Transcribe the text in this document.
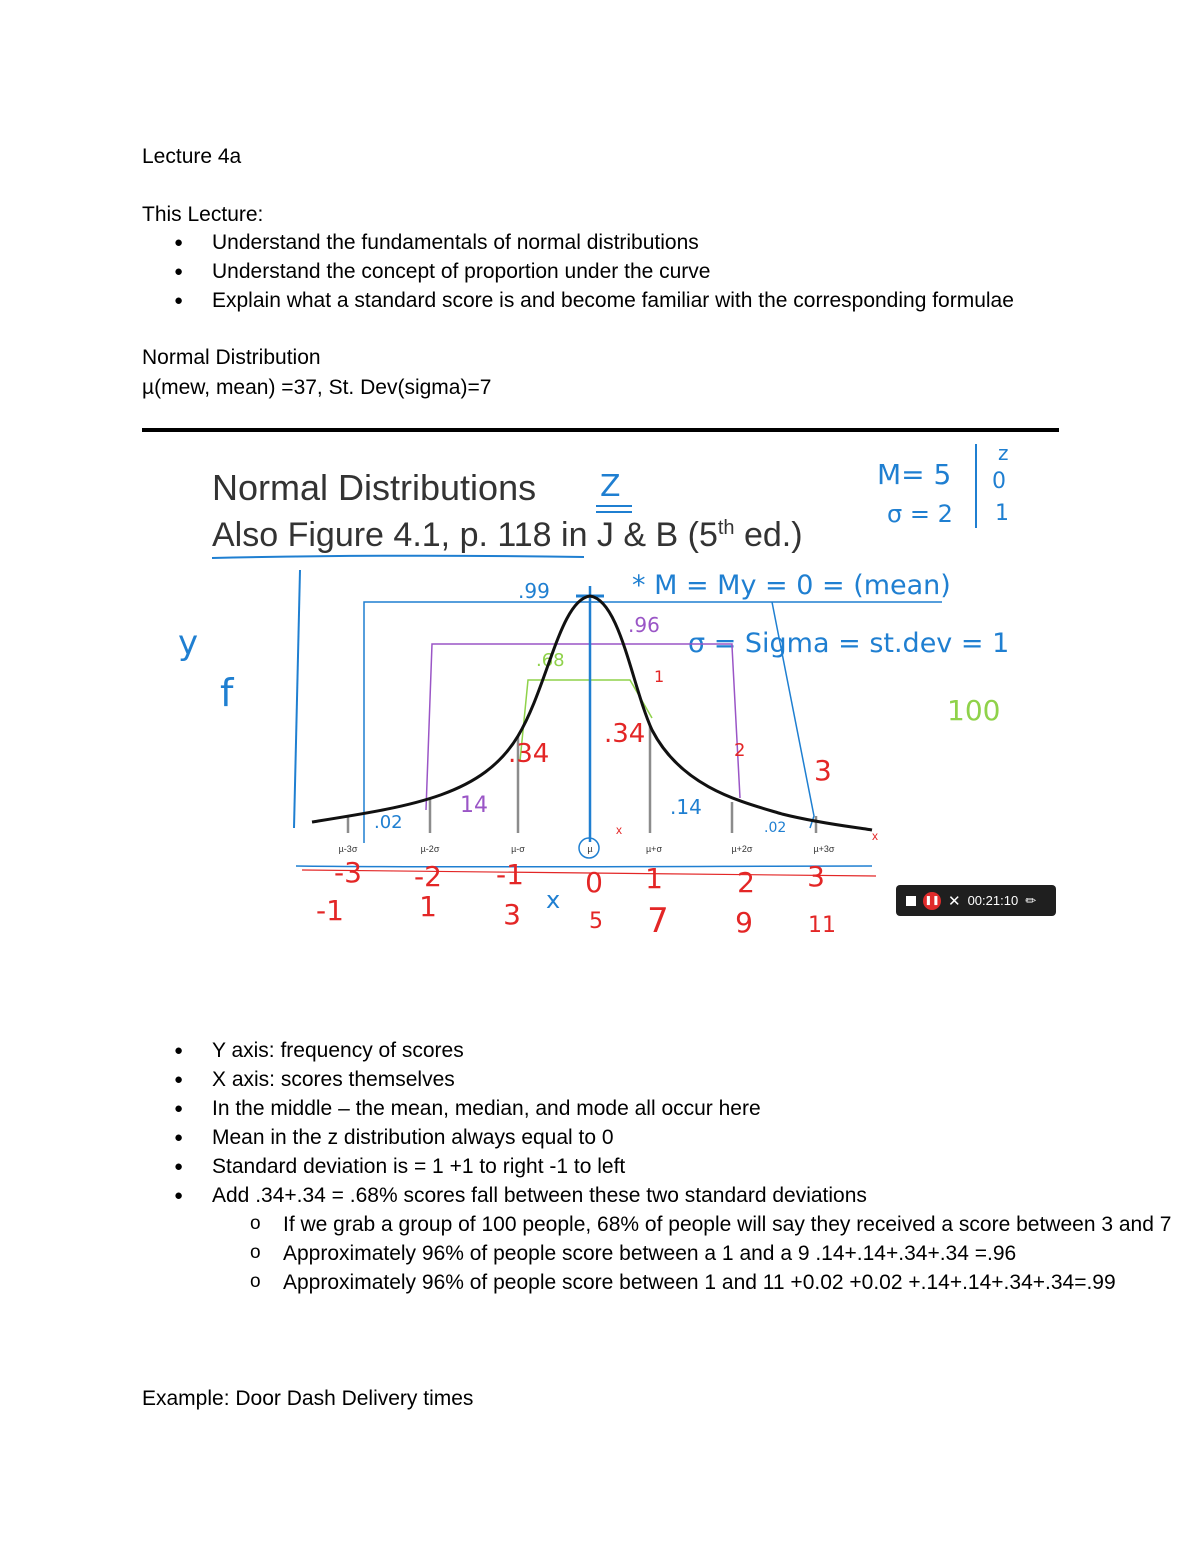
Lecture 4a
This Lecture:
● Understand the fundamentals of normal distributions
● Understand the concept of proportion under the curve
● Explain what a standard score is and become familiar with the corresponding formulae
Normal Distribution
µ(mew, mean) =37, St. Dev(sigma)=7
Normal Distributions
Also Figure 4.1, p. 118 in J & B (5th ed.)
Z	M= 5
σ = 2
z
0
1
* M = My = 0 = (mean)
σ = Sigma = st.dev = 1
100
y
f
.99
.96
.68
.34
.34
1
2
3
14	.14
.02	.02	x
x
µ-3σ	µ-2σ	µ-σ	µ	µ+σ	µ+2σ	µ+3σ
-3 -2 -1 0 1	2 3
-1	1 3	5 7 9	11
x	❚❚ ✕ 00:21:10 ✏
● Y axis: frequency of scores
● X axis: scores themselves
● In the middle – the mean, median, and mode all occur here
● Mean in the z distribution always equal to 0
● Standard deviation is = 1 +1 to right -1 to left
● Add .34+.34 = .68% scores fall between these two standard deviations
o If we grab a group of 100 people, 68% of people will say they received a score between 3 and 7
o Approximately 96% of people score between a 1 and a 9 .14+.14+.34+.34 =.96
o Approximately 96% of people score between 1 and 11 +0.02 +0.02 +.14+.14+.34+.34=.99
Example: Door Dash Delivery times
